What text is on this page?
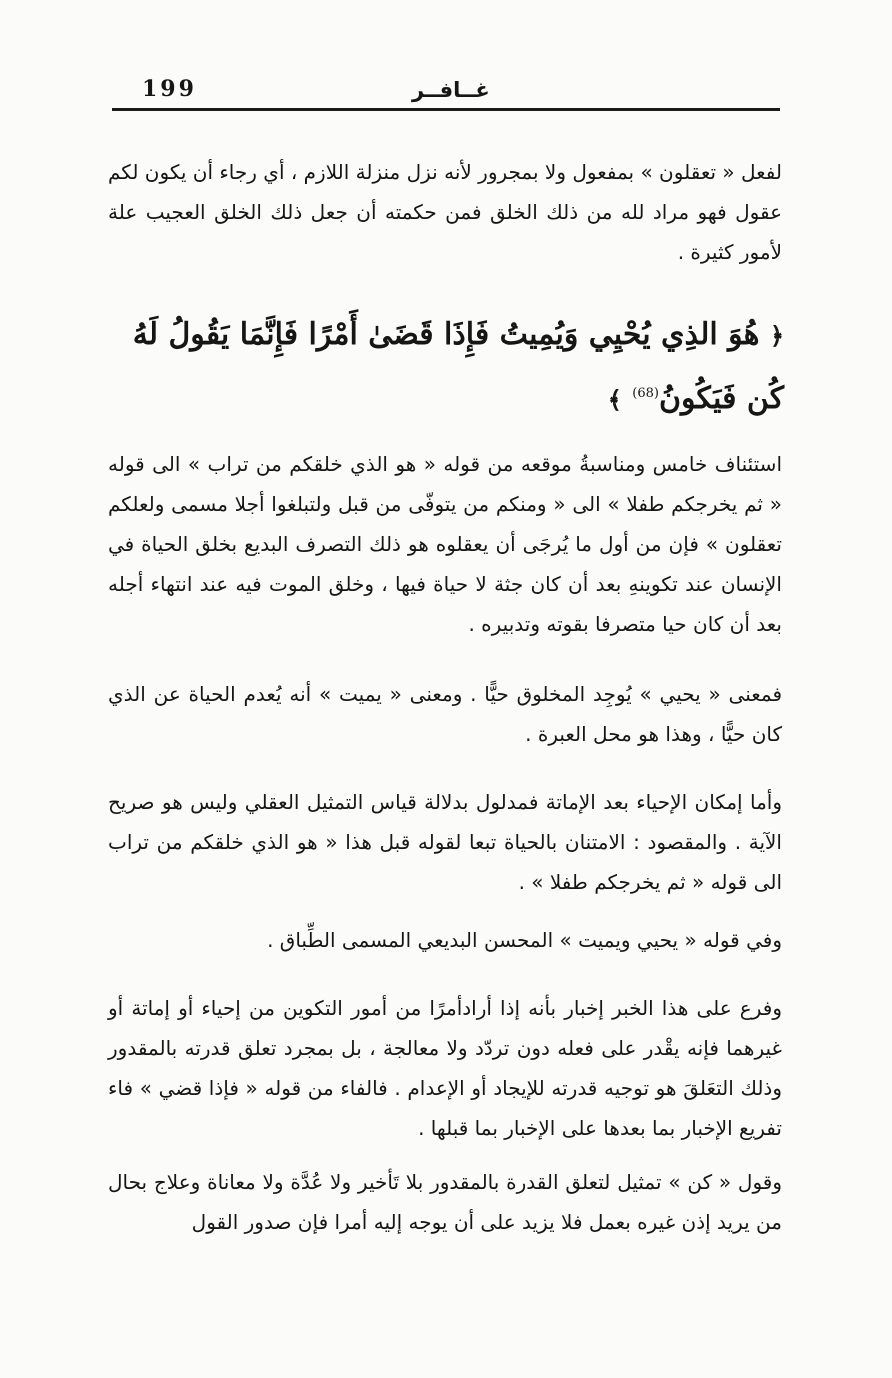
199	غــافــر

لفعل « تعقلون » بمفعول ولا بمجرور لأنه نزل منزلة اللازم ، أي رجاء أن يكون لكم عقول فهو مراد لله من ذلك الخلق فمن حكمته أن جعل ذلك الخلق العجيب علة لأمور كثيرة .

﴿ هُوَ الذِي يُحْيِي وَيُمِيتُ فَإِذَا قَضَىٰ أَمْرًا فَإِنَّمَا يَقُولُ لَهُ كُن فَيَكُونُ$^{(68)}$ ﴾

استئناف خامس ومناسبةُ موقعه من قوله « هو الذي خلقكم من تراب » الى قوله « ثم يخرجكم طفلا » الى « ومنكم من يتوفّى من قبل ولتبلغوا أجلا مسمى ولعلكم تعقلون » فإن من أول ما يُرجَى أن يعقلوه هو ذلك التصرف البديع بخلق الحياة في الإنسان عند تكوينهِ بعد أن كان جثة لا حياة فيها ، وخلق الموت فيه عند انتهاء أجله بعد أن كان حيا متصرفا بقوته وتدبيره .

فمعنى « يحيي » يُوجِد المخلوق حيًّا . ومعنى « يميت » أنه يُعدم الحياة عن الذي كان حيًّا ، وهذا هو محل العبرة .

وأما إمكان الإحياء بعد الإماتة فمدلول بدلالة قياس التمثيل العقلي وليس هو صريح الآية . والمقصود : الامتنان بالحياة تبعا لقوله قبل هذا « هو الذي خلقكم من تراب الى قوله « ثم يخرجكم طفلا » .

وفي قوله « يحيي ويميت » المحسن البديعي المسمى الطِّباق .

وفرع على هذا الخبر إخبار بأنه إذا أرادأمرًا من أمور التكوين من إحياء أو إماتة أو غيرهما فإنه يقْدر على فعله دون تردّد ولا معالجة ، بل بمجرد تعلق قدرته بالمقدور وذلك التعَلقَ هو توجيه قدرته للإيجاد أو الإعدام . فالفاء من قوله « فإذا قضي » فاء تفريع الإخبار بما بعدها على الإخبار بما قبلها .

وقول « كن » تمثيل لتعلق القدرة بالمقدور بلا تَأخير ولا عُدَّة ولا معاناة وعلاج بحال من يريد إذن غيره بعمل فلا يزيد على أن يوجه إليه أمرا فإن صدور القول
